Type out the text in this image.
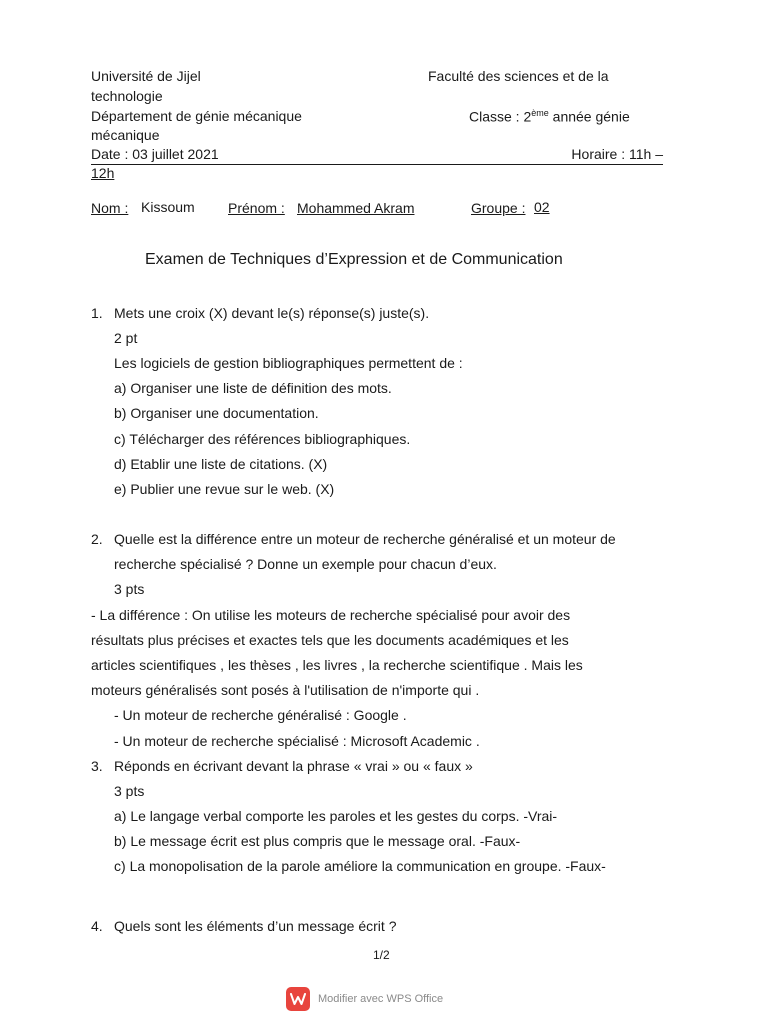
Université de Jijel	Faculté des sciences et de la
technologie
Département de génie mécanique	Classe : 2ème année génie
mécanique
Date : 03 juillet 2021	Horaire : 11h –
12h
Nom : Kissoum Prénom : Mohammed Akram	Groupe : 02
Examen de Techniques d’Expression et de Communication
1. Mets une croix (X) devant le(s) réponse(s) juste(s).
2 pt
Les logiciels de gestion bibliographiques permettent de :
a) Organiser une liste de définition des mots.
b) Organiser une documentation.
c) Télécharger des références bibliographiques.
d) Etablir une liste de citations. (X)
e) Publier une revue sur le web. (X)
2. Quelle est la différence entre un moteur de recherche généralisé et un moteur de
recherche spécialisé ? Donne un exemple pour chacun d’eux.
3 pts
- La différence : On utilise les moteurs de recherche spécialisé pour avoir des
résultats plus précises et exactes tels que les documents académiques et les
articles scientifiques , les thèses , les livres , la recherche scientifique . Mais les
moteurs généralisés sont posés à l'utilisation de n'importe qui .
- Un moteur de recherche généralisé : Google .
- Un moteur de recherche spécialisé : Microsoft Academic .
3. Réponds en écrivant devant la phrase « vrai » ou « faux »
3 pts
a) Le langage verbal comporte les paroles et les gestes du corps. -Vrai-
b) Le message écrit est plus compris que le message oral. -Faux-
c) La monopolisation de la parole améliore la communication en groupe. -Faux-
4. Quels sont les éléments d’un message écrit ?
1/2
Modifier avec WPS Office
